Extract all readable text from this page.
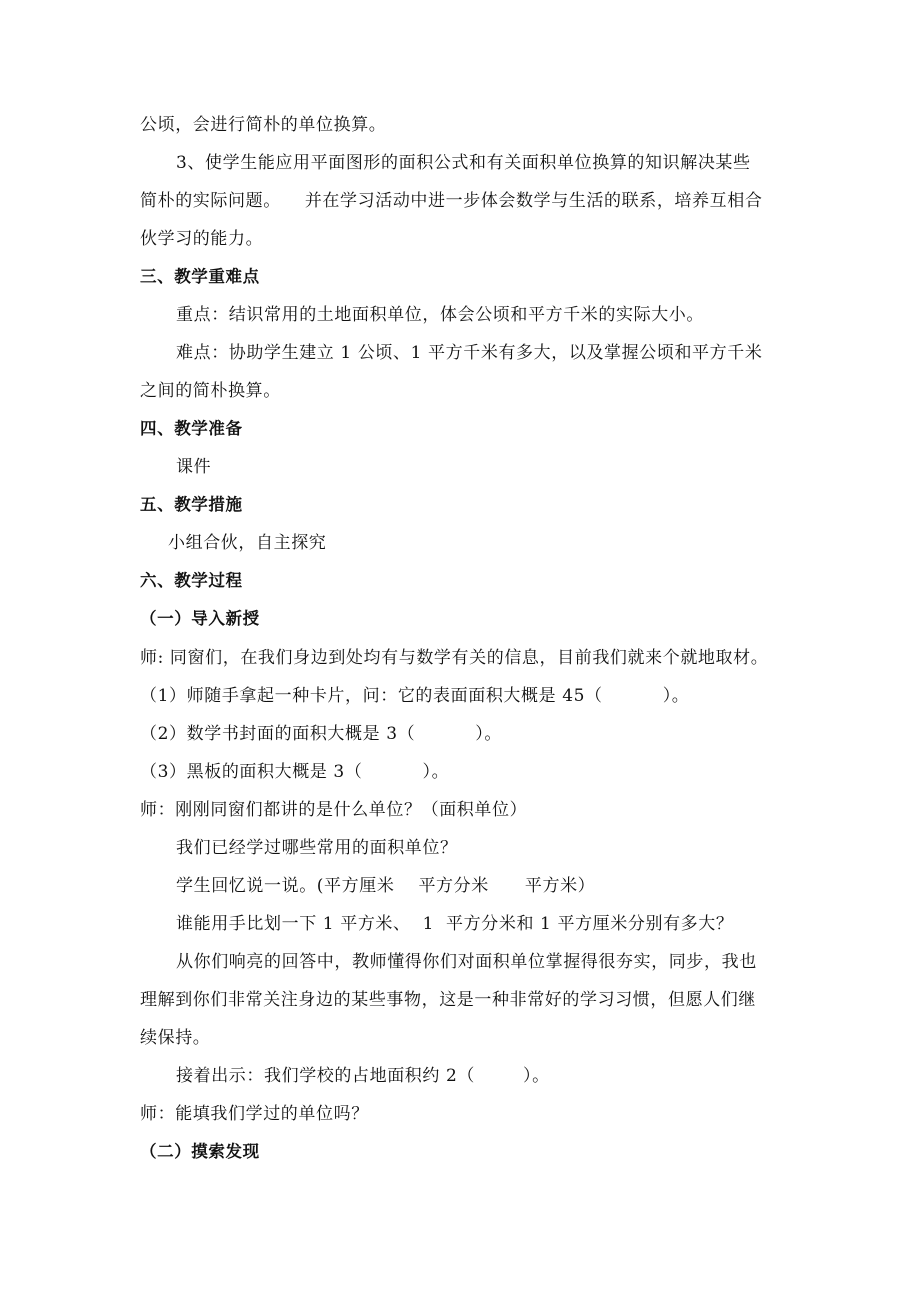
公顷，会进行简朴的单位换算。
3、使学生能应用平面图形的面积公式和有关面积单位换算的知识解决某些
简朴的实际问题。    并在学习活动中进一步体会数学与生活的联系，培养互相合
伙学习的能力。
三、教学重难点
重点：结识常用的土地面积单位，体会公顷和平方千米的实际大小。
难点：协助学生建立 1 公顷、1 平方千米有多大，以及掌握公顷和平方千米
之间的简朴换算。
四、教学准备
课件
五、教学措施
小组合伙，自主探究
六、教学过程
（一）导入新授
师: 同窗们，在我们身边到处均有与数学有关的信息，目前我们就来个就地取材。
（1）师随手拿起一种卡片，问：它的表面面积大概是 45（          ）。
（2）数学书封面的面积大概是 3（          ）。
（3）黑板的面积大概是 3（          ）。
师：刚刚同窗们都讲的是什么单位？（面积单位）
我们已经学过哪些常用的面积单位？
学生回忆说一说。(平方厘米    平方分米      平方米）
谁能用手比划一下 1 平方米、  1  平方分米和 1 平方厘米分别有多大？
从你们响亮的回答中，教师懂得你们对面积单位掌握得很夯实，同步，我也
理解到你们非常关注身边的某些事物，这是一种非常好的学习习惯，但愿人们继
续保持。
接着出示：我们学校的占地面积约 2（        ）。
师：能填我们学过的单位吗？
（二）摸索发现
